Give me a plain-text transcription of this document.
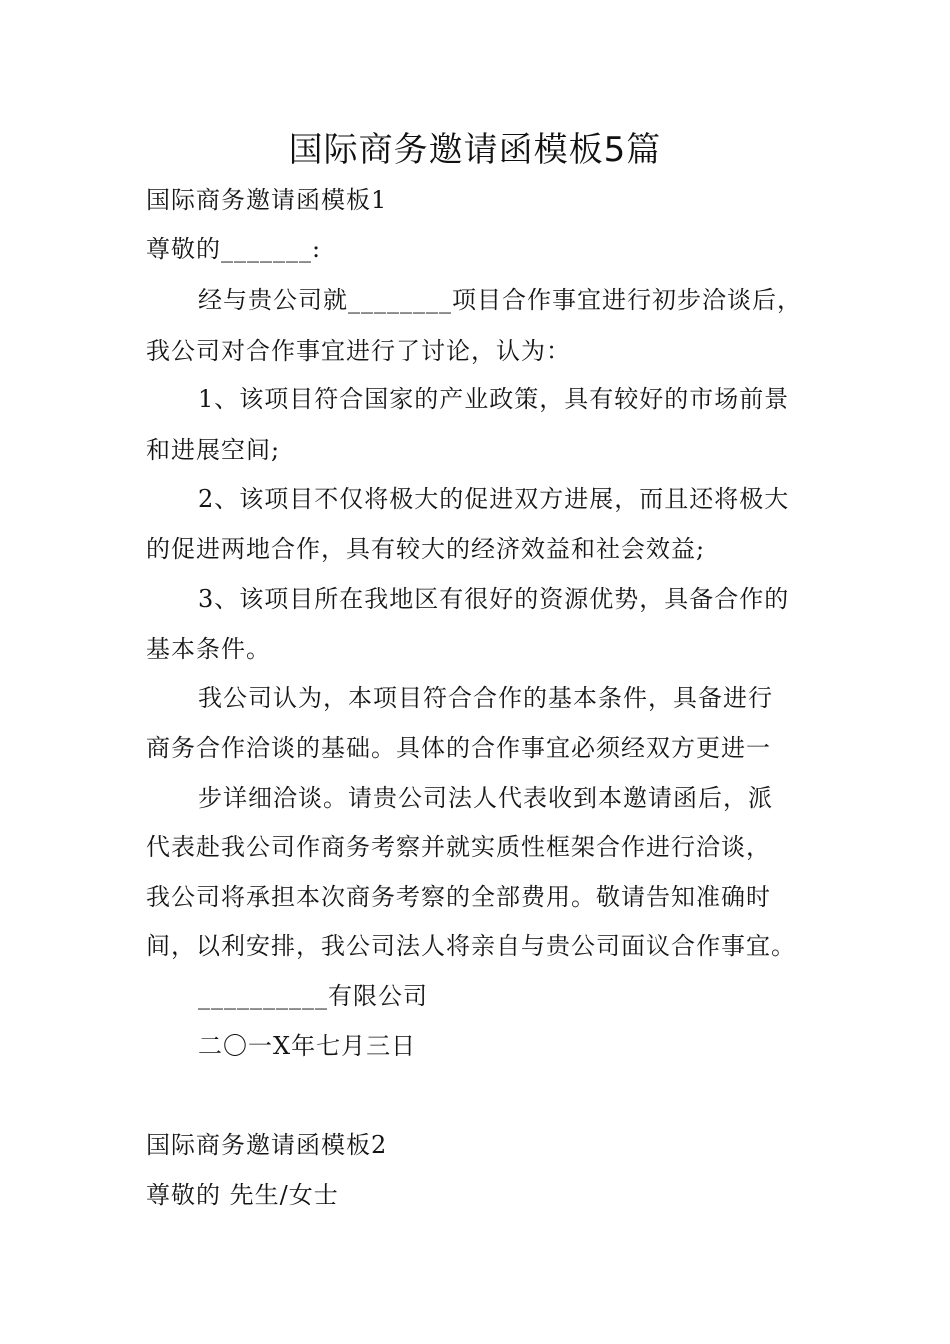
国际商务邀请函模板5篇
国际商务邀请函模板1
尊敬的_______:
经与贵公司就________项目合作事宜进行初步洽谈后，
我公司对合作事宜进行了讨论，认为：
1、该项目符合国家的产业政策，具有较好的市场前景
和进展空间;
2、该项目不仅将极大的促进双方进展，而且还将极大
的促进两地合作，具有较大的经济效益和社会效益;
3、该项目所在我地区有很好的资源优势，具备合作的
基本条件。
我公司认为，本项目符合合作的基本条件，具备进行
商务合作洽谈的基础。具体的合作事宜必须经双方更进一
步详细洽谈。请贵公司法人代表收到本邀请函后，派
代表赴我公司作商务考察并就实质性框架合作进行洽谈，
我公司将承担本次商务考察的全部费用。敬请告知准确时
间，以利安排，我公司法人将亲自与贵公司面议合作事宜。
__________有限公司
二〇一X年七月三日
国际商务邀请函模板2
尊敬的 先生/女士
